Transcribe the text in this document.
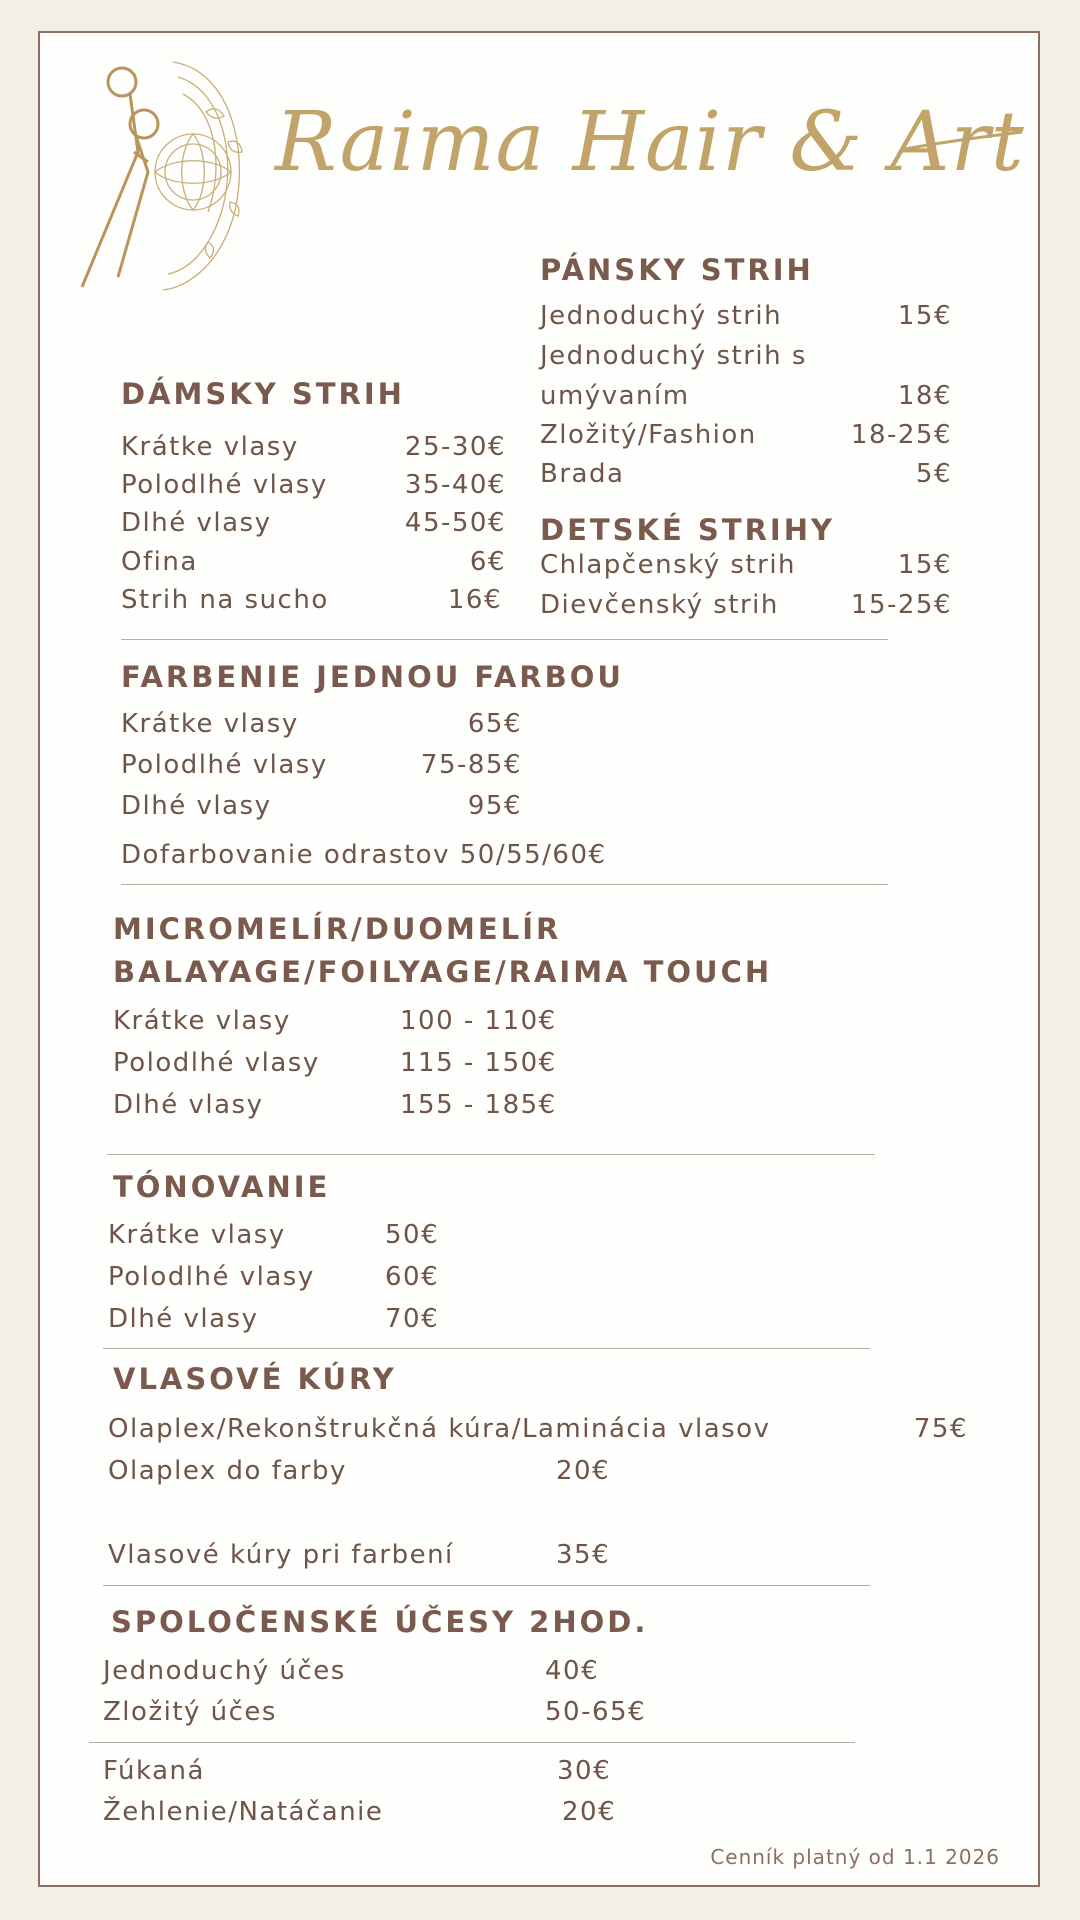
Raima Hair & Art
PÁNSKY STRIH
Jednoduchý strih	15€
Jednoduchý strih s
umývaním	18€
Zložitý/Fashion	18-25€
Brada	5€
DETSKÉ STRIHY
Chlapčenský strih	15€
Dievčenský strih	15-25€
DÁMSKY STRIH
Krátke vlasy	25-30€
Polodlhé vlasy	35-40€
Dlhé vlasy	45-50€
Ofina	6€
Strih na sucho	16€
FARBENIE JEDNOU FARBOU
Krátke vlasy	65€
Polodlhé vlasy	75-85€
Dlhé vlasy	95€
Dofarbovanie odrastov 50/55/60€
MICROMELÍR/DUOMELÍR
BALAYAGE/FOILYAGE/RAIMA TOUCH
Krátke vlasy	100 - 110€
Polodlhé vlasy	115 - 150€
Dlhé vlasy	155 - 185€
TÓNOVANIE
Krátke vlasy	50€
Polodlhé vlasy	60€
Dlhé vlasy	70€
VLASOVÉ KÚRY
Olaplex/Rekonštrukčná kúra/Laminácia vlasov	75€
Olaplex do farby	20€
Vlasové kúry pri farbení	35€
SPOLOČENSKÉ ÚČESY 2HOD.
Jednoduchý účes	40€
Zložitý účes	50-65€
Fúkaná	30€
Žehlenie/Natáčanie	20€
Cenník platný od 1.1 2026
